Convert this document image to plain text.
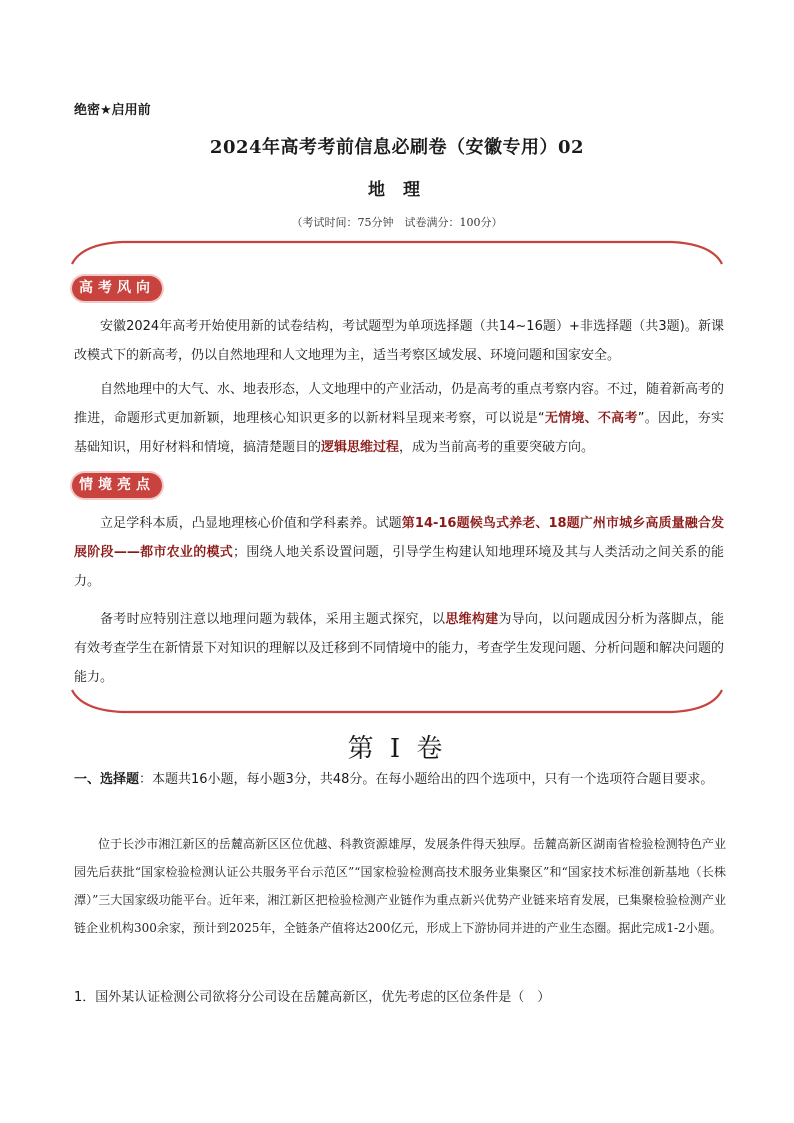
绝密★启用前
2024年高考考前信息必刷卷（安徽专用）02
地 理
（考试时间：75分钟　试卷满分：100分）
高考风向

安徽2024年高考开始使用新的试卷结构，考试题型为单项选择题（共14~16题）+非选择题（共3题)。新课改模式下的新高考，仍以自然地理和人文地理为主，适当考察区域发展、环境问题和国家安全。

自然地理中的大气、水、地表形态，人文地理中的产业活动，仍是高考的重点考察内容。不过，随着新高考的推进，命题形式更加新颖，地理核心知识更多的以新材料呈现来考察，可以说是“无情境、不高考”。因此，夯实基础知识，用好材料和情境，搞清楚题目的逻辑思维过程，成为当前高考的重要突破方向。

情境亮点

立足学科本质，凸显地理核心价值和学科素养。试题第14-16题候鸟式养老、18题广州市城乡高质量融合发展阶段——都市农业的模式；围绕人地关系设置问题，引导学生构建认知地理环境及其与人类活动之间关系的能力。

备考时应特别注意以地理问题为载体，采用主题式探究，以思维构建为导向，以问题成因分析为落脚点，能有效考查学生在新情景下对知识的理解以及迁移到不同情境中的能力，考查学生发现问题、分析问题和解决问题的能力。

第 I 卷

一、选择题：本题共16小题，每小题3分，共48分。在每小题给出的四个选项中，只有一个选项符合题目要求。

位于长沙市湘江新区的岳麓高新区区位优越、科教资源雄厚，发展条件得天独厚。岳麓高新区湖南省检验检测特色产业园先后获批“国家检验检测认证公共服务平台示范区”“国家检验检测高技术服务业集聚区”和“国家技术标准创新基地（长株潭）”三大国家级功能平台。近年来，湘江新区把检验检测产业链作为重点新兴优势产业链来培育发展，已集聚检验检测产业链企业机构300余家，预计到2025年，全链条产值将达200亿元，形成上下游协同并进的产业生态圈。据此完成1-2小题。

1．国外某认证检测公司欲将分公司设在岳麓高新区，优先考虑的区位条件是（　）
